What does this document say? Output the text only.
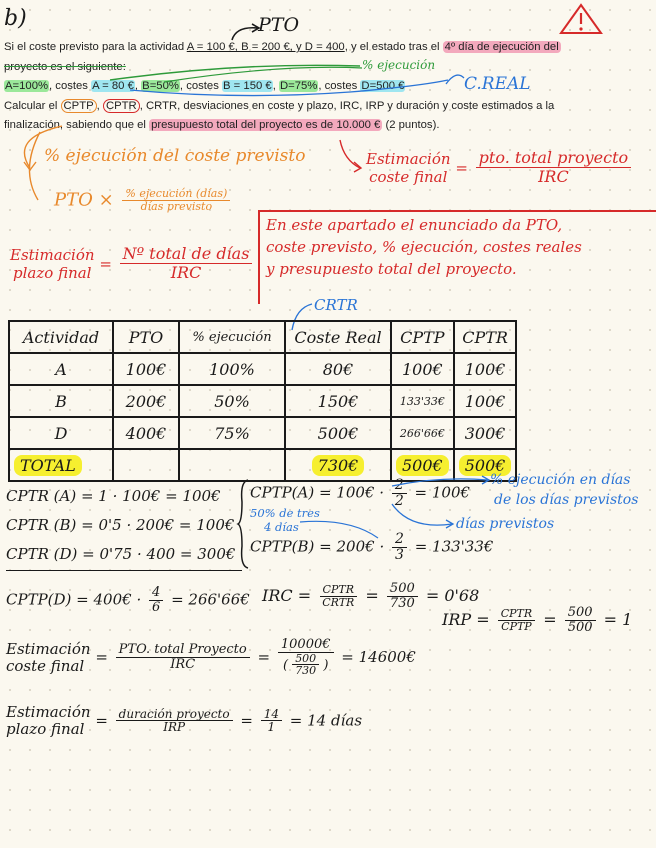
b)	PTO
Si el coste previsto para la actividad A = 100 €, B = 200 €, y D = 400, y el estado tras el 4º día de ejecución del
proyecto es el siguiente:
A=100%, costes A = 80 €, B=50%, costes B = 150 €, D=75%, costes D=500 €
Calcular el CPTP , CPTR , CRTR, desviaciones en coste y plazo, IRC, IRP y duración y coste estimados a la
finalización, sabiendo que el presupuesto total del proyecto es de 10.000 € (2 puntos).
% ejecución
C.REAL
% ejecución del coste previsto
PTO × $\frac{\text{\% ejecución (días)}}{\text{días previsto}}$
Estimación
coste final = $\frac{\text{pto. total proyecto}}{\text{IRC}}$
Estimación
plazo final = $\frac{\text{Nº total de días}}{\text{IRC}}$
En este apartado el enunciado da PTO,
coste previsto, % ejecución, costes reales
y presupuesto total del proyecto.
CRTR
Actividad	PTO	% ejecución	Coste Real	CPTP	CPTR
A	100€	100%	80€	100€	100€
B	200€	50%	150€	133'33€	100€
D	400€	75%	500€	266'66€	300€
TOTAL			730€	500€	500€
CPTR (A) = 1 · 100€ = 100€
CPTR (B) = 0'5 · 200€ = 100€
CPTR (D) = 0'75 · 400 = 300€
CPTP(A) = 100€ · $\frac{2}{2}$ = 100€
50% de tres
4 días
CPTP(B) = 200€ · $\frac{2}{3}$ = 133'33€
% ejecución en días
de los días previstos
días previstos
CPTP(D) = 400€ · $\frac{4}{6}$ = 266'66€ IRC = $\frac{\text{CPTR}}{\text{CRTR}} = \frac{500}{730} = 0'68$
IRP = $\frac{\text{CPTR}}{\text{CPTP}} = \frac{500}{500} = 1$
Estimación
coste final = $\frac{\text{PTO. total Proyecto}}{\text{IRC}} = \frac{10000€}{( \frac{500}{730} )}$ = 14600€
Estimación
plazo final = $\frac{\text{duración proyecto}}{\text{IRP}} = \frac{14}{1} = 14$ días
